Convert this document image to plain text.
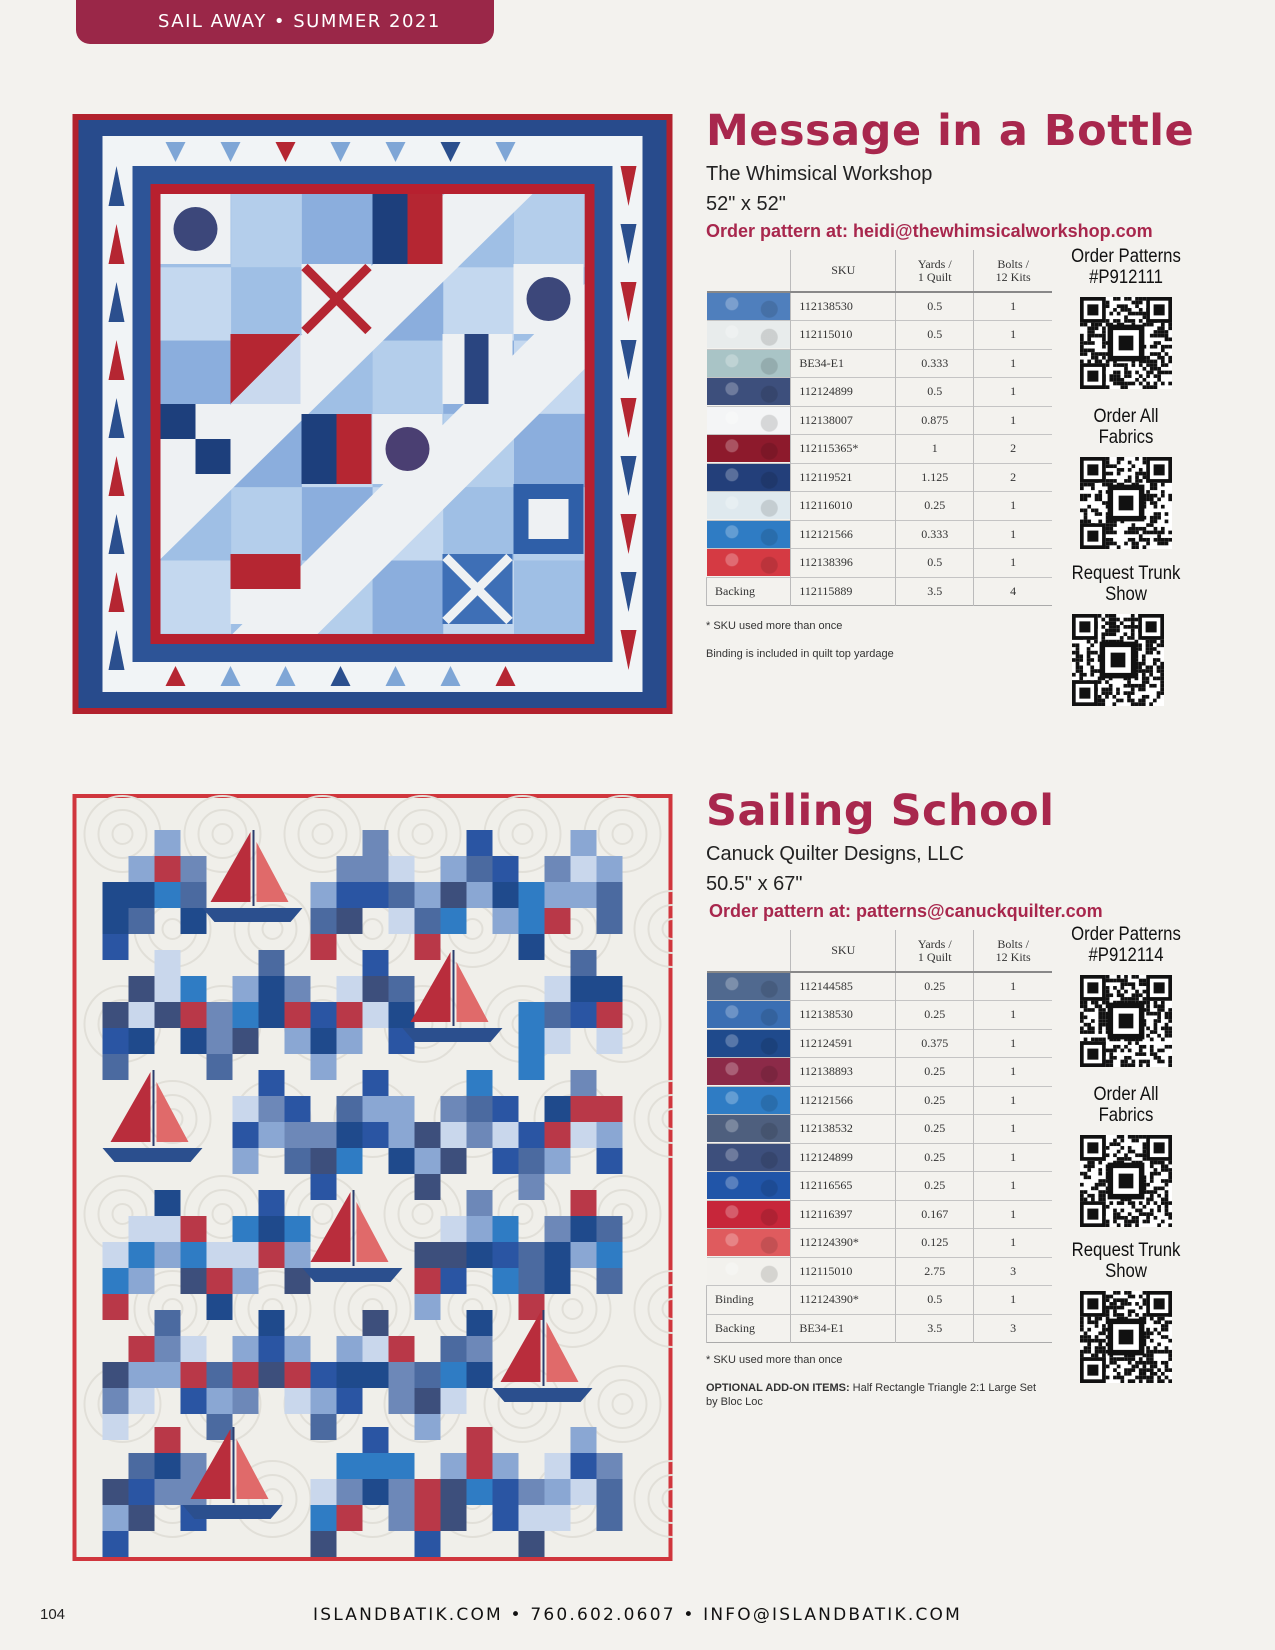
SAIL AWAY • SUMMER 2021
Message in a Bottle
The Whimsical Workshop
52" x 52"
Order pattern at: heidi@thewhimsicalworkshop.com
	SKU	Yards /
1 Quilt	Bolts /
12 Kits

	112138530	0.5	1

	112115010	0.5	1

	BE34-E1	0.333	1

	112124899	0.5	1

	112138007	0.875	1

	112115365*	1	2

	112119521	1.125	2

	112116010	0.25	1

	112121566	0.333	1

	112138396	0.5	1
Backing	112115889	3.5	4
* SKU used more than once
Binding is included in quilt top yardage
Order Patterns
#P912111
Order All
Fabrics
Request Trunk
Show
Sailing School
Canuck Quilter Designs, LLC
50.5" x 67"
Order pattern at: patterns@canuckquilter.com
	SKU	Yards /
1 Quilt	Bolts /
12 Kits

	112144585	0.25	1

	112138530	0.25	1

	112124591	0.375	1

	112138893	0.25	1

	112121566	0.25	1

	112138532	0.25	1

	112124899	0.25	1

	112116565	0.25	1

	112116397	0.167	1

	112124390*	0.125	1

	112115010	2.75	3
Binding	112124390*	0.5	1
Backing	BE34-E1	3.5	3
* SKU used more than once
OPTIONAL ADD-ON ITEMS: Half Rectangle Triangle 2:1 Large Set
by Bloc Loc
Order Patterns
#P912114
Order All
Fabrics
Request Trunk
Show
104	ISLANDBATIK.COM • 760.602.0607 • INFO@ISLANDBATIK.COM
